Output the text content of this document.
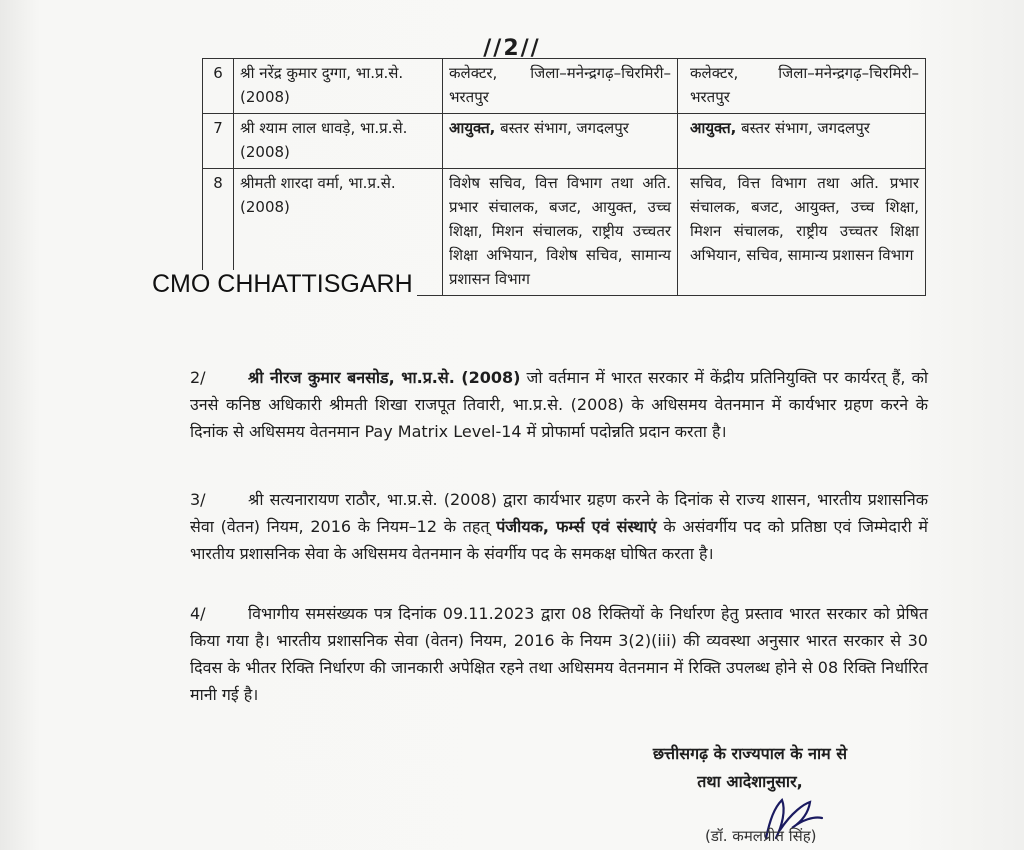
//2//
6	श्री नरेंद्र कुमार दुग्गा, भा.प्र.से. (2008)	कलेक्टर, जिला–मनेन्द्रगढ़–चिरमिरी–भरतपुर	कलेक्टर, जिला–मनेन्द्रगढ़–चिरमिरी–भरतपुर
7	श्री श्याम लाल धावड़े, भा.प्र.से. (2008)	आयुक्त, बस्तर संभाग, जगदलपुर	आयुक्त, बस्तर संभाग, जगदलपुर
8	श्रीमती शारदा वर्मा, भा.प्र.से. (2008)	विशेष सचिव, वित्त विभाग तथा अति. प्रभार संचालक, बजट, आयुक्त, उच्च शिक्षा, मिशन संचालक, राष्ट्रीय उच्चतर शिक्षा अभियान, विशेष सचिव, सामान्य प्रशासन विभाग	सचिव, वित्त विभाग तथा अति. प्रभार संचालक, बजट, आयुक्त, उच्च शिक्षा, मिशन संचालक, राष्ट्रीय उच्चतर शिक्षा अभियान, सचिव, सामान्य प्रशासन विभाग
CMO CHHATTISGARH
2/	श्री नीरज कुमार बनसोड, भा.प्र.से. (2008) जो वर्तमान में भारत सरकार में केंद्रीय प्रतिनियुक्ति पर कार्यरत् हैं, को उनसे कनिष्ठ अधिकारी श्रीमती शिखा राजपूत तिवारी, भा.प्र.से. (2008) के अधिसमय वेतनमान में कार्यभार ग्रहण करने के दिनांक से अधिसमय वेतनमान Pay Matrix Level-14 में प्रोफार्मा पदोन्नति प्रदान करता है।
3/	श्री सत्यनारायण राठौर, भा.प्र.से. (2008) द्वारा कार्यभार ग्रहण करने के दिनांक से राज्य शासन, भारतीय प्रशासनिक सेवा (वेतन) नियम, 2016 के नियम–12 के तहत् पंजीयक, फर्म्स एवं संस्थाएं के असंवर्गीय पद को प्रतिष्ठा एवं जिम्मेदारी में भारतीय प्रशासनिक सेवा के अधिसमय वेतनमान के संवर्गीय पद के समकक्ष घोषित करता है।
4/	विभागीय समसंख्यक पत्र दिनांक 09.11.2023 द्वारा 08 रिक्तियों के निर्धारण हेतु प्रस्ताव भारत सरकार को प्रेषित किया गया है। भारतीय प्रशासनिक सेवा (वेतन) नियम, 2016 के नियम 3(2)(iii) की व्यवस्था अनुसार भारत सरकार से 30 दिवस के भीतर रिक्ति निर्धारण की जानकारी अपेक्षित रहने तथा अधिसमय वेतनमान में रिक्ति उपलब्ध होने से 08 रिक्ति निर्धारित मानी गई है।
छत्तीसगढ़ के राज्यपाल के नाम से
तथा आदेशानुसार,
(डॉ. कमलप्रीत सिंह)
